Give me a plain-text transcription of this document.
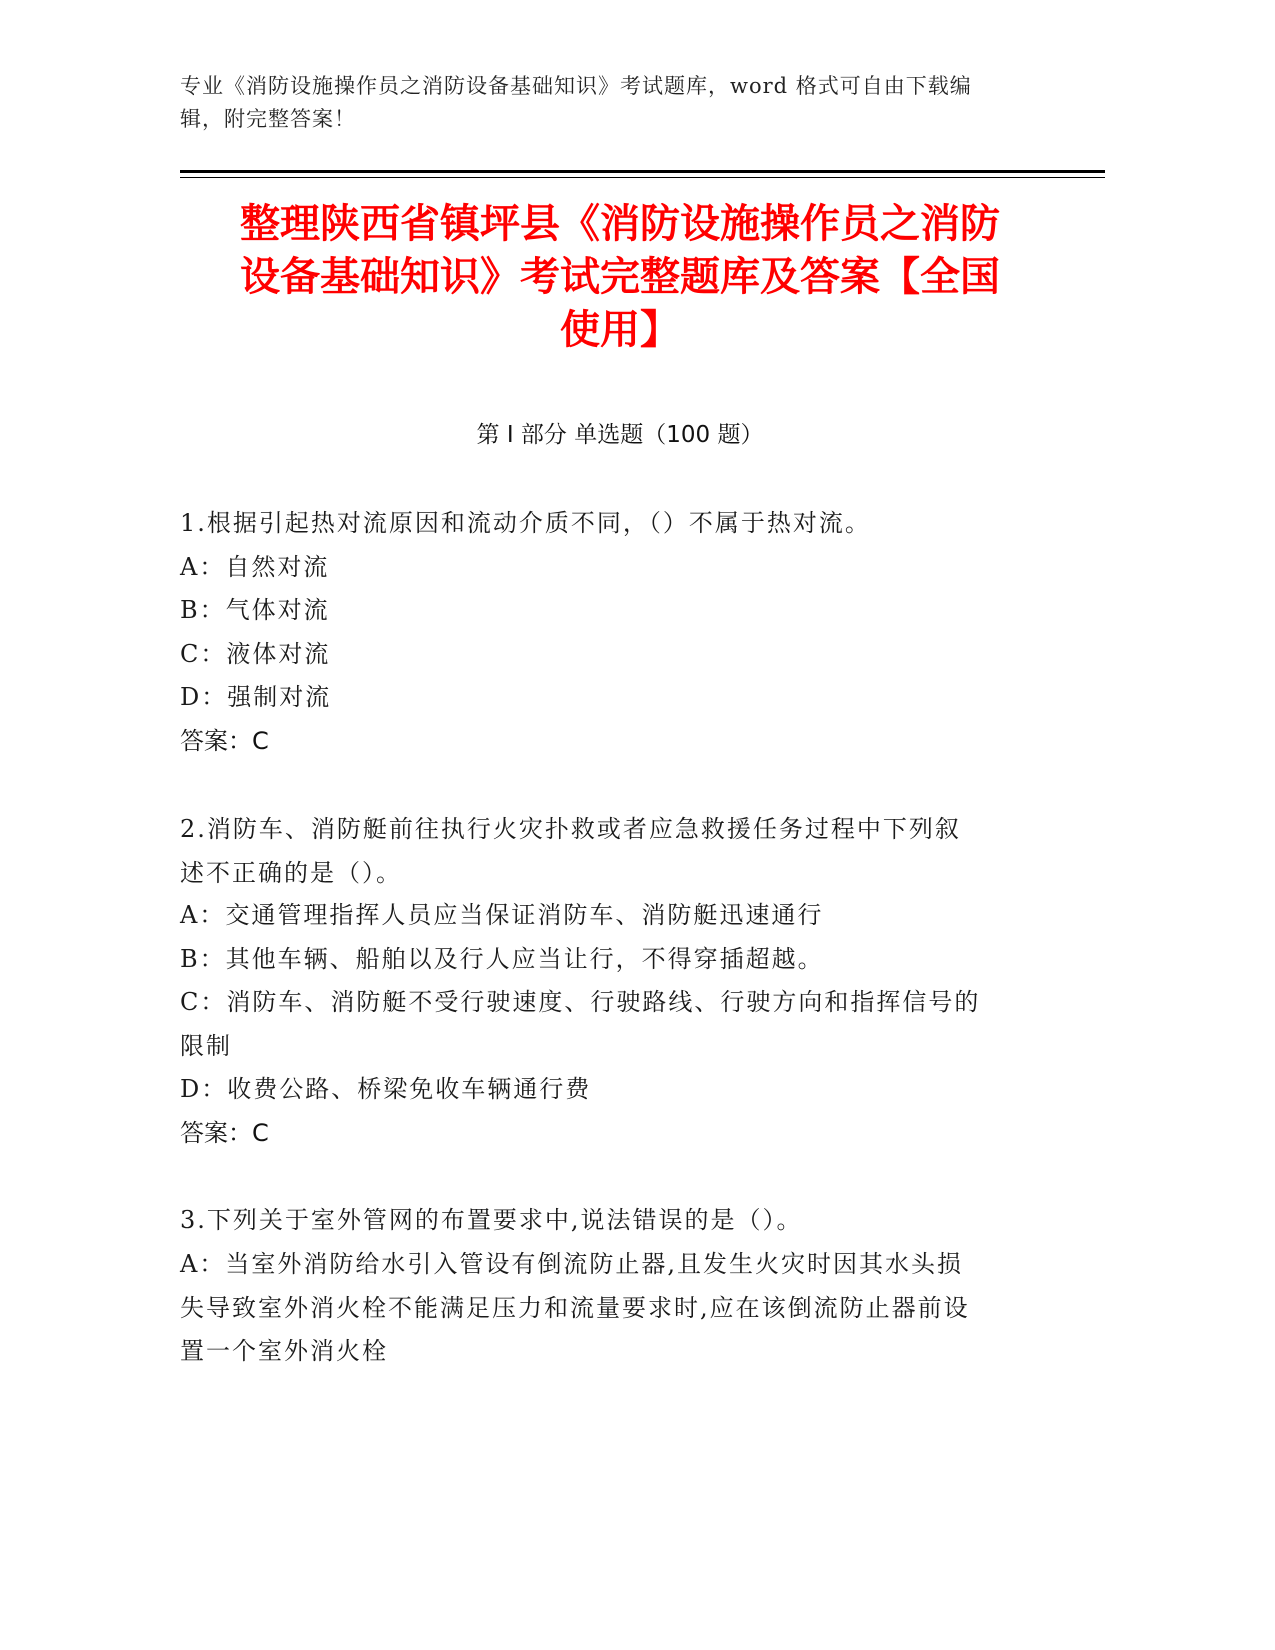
专业《消防设施操作员之消防设备基础知识》考试题库，word 格式可自由下载编

辑，附完整答案！

整理陕西省镇坪县《消防设施操作员之消防
设备基础知识》考试完整题库及答案【全国
使用】
第 I 部分 单选题（100 题）
1.根据引起热对流原因和流动介质不同，（）不属于热对流。
A：自然对流
B：气体对流
C：液体对流
D：强制对流
答案：C
2.消防车、消防艇前往执行火灾扑救或者应急救援任务过程中下列叙
述不正确的是（）。
A：交通管理指挥人员应当保证消防车、消防艇迅速通行
B：其他车辆、船舶以及行人应当让行，不得穿插超越。
C：消防车、消防艇不受行驶速度、行驶路线、行驶方向和指挥信号的
限制
D：收费公路、桥梁免收车辆通行费
答案：C
3.下列关于室外管网的布置要求中,说法错误的是（）。
A：当室外消防给水引入管设有倒流防止器,且发生火灾时因其水头损
失导致室外消火栓不能满足压力和流量要求时,应在该倒流防止器前设
置一个室外消火栓
